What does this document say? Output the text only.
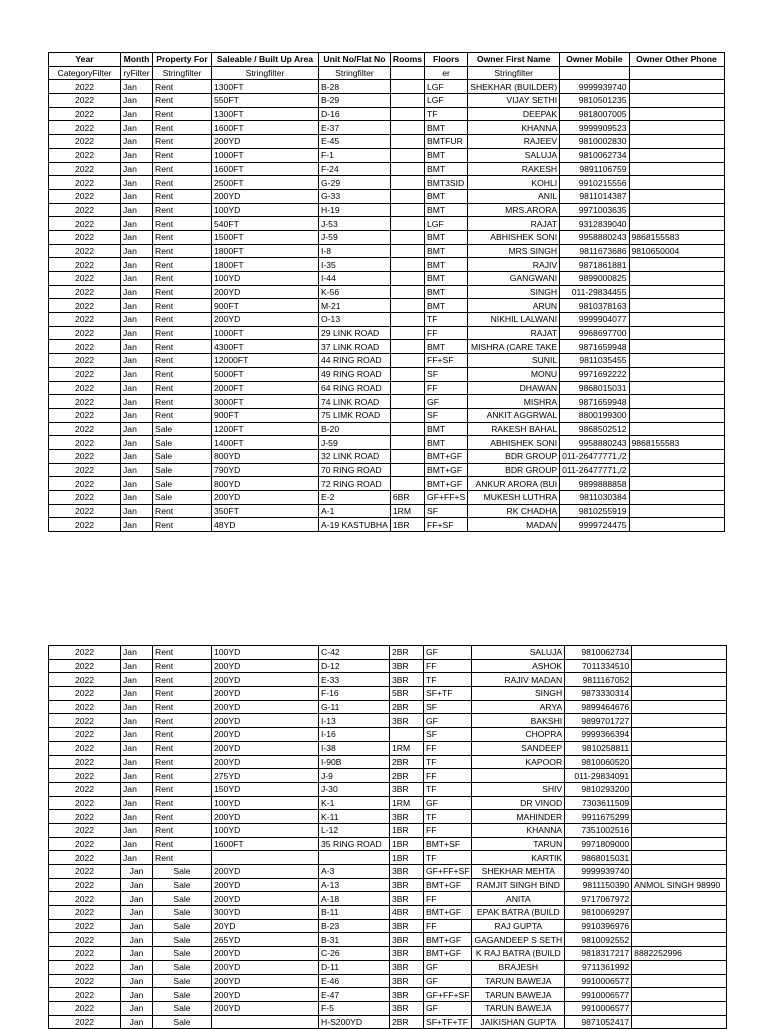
Year	Month	Property For	Saleable / Built Up Area	Unit No/Flat No	Rooms	Floors	Owner First Name	Owner Mobile	Owner Other Phone
CategoryFilter	ryFilter	Stringfilter	Stringfilter	Stringfilter		er	Stringfilter		
2022	Jan	Rent	1300FT	B-28		LGF	SHEKHAR (BUILDER)	9999939740	
2022	Jan	Rent	550FT	B-29		LGF	VIJAY SETHI	9810501235	
2022	Jan	Rent	1300FT	D-16		TF	DEEPAK	9818007005	
2022	Jan	Rent	1600FT	E-37		BMT	KHANNA	9999909523	
2022	Jan	Rent	200YD	E-45		BMTFUR	RAJEEV	9810002830	
2022	Jan	Rent	1000FT	F-1		BMT	SALUJA	9810062734	
2022	Jan	Rent	1600FT	F-24		BMT	RAKESH	9891106759	
2022	Jan	Rent	2500FT	G-29		BMT3SID	KOHLI	9910215556	
2022	Jan	Rent	200YD	G-33		BMT	ANIL	9811014387	
2022	Jan	Rent	100YD	H-19		BMT	MRS.ARORA	9971003635	
2022	Jan	Rent	540FT	J-53		LGF	RAJAT	9312839040	
2022	Jan	Rent	1500FT	J-59		BMT	ABHISHEK SONI	9958880243	9868155583
2022	Jan	Rent	1800FT	I-8		BMT	MRS SINGH	9811673686	9810650004
2022	Jan	Rent	1800FT	I-35		BMT	RAJIV	9871861881	
2022	Jan	Rent	100YD	I-44		BMT	GANGWANI	9899000825	
2022	Jan	Rent	200YD	K-56		BMT	SINGH	011-29834455	
2022	Jan	Rent	900FT	M-21		BMT	ARUN	9810378163	
2022	Jan	Rent	200YD	O-13		TF	NIKHIL LALWANI	9999904077	
2022	Jan	Rent	1000FT	29 LINK ROAD		FF	RAJAT	9968697700	
2022	Jan	Rent	4300FT	37 LINK ROAD		BMT	MISHRA (CARE TAKE	9871659948	
2022	Jan	Rent	12000FT	44 RING ROAD		FF+SF	SUNIL	9811035455	
2022	Jan	Rent	5000FT	49 RING ROAD		SF	MONU	9971692222	
2022	Jan	Rent	2000FT	64 RING ROAD		FF	DHAWAN	9868015031	
2022	Jan	Rent	3000FT	74 LINK ROAD		GF	MISHRA	9871659948	
2022	Jan	Rent	900FT	75 LIMK ROAD		SF	ANKIT AGGRWAL	8800199300	
2022	Jan	Sale	1200FT	B-20		BMT	RAKESH BAHAL	9868502512	
2022	Jan	Sale	1400FT	J-59		BMT	ABHISHEK SONI	9958880243	9868155583
2022	Jan	Sale	800YD	32 LINK ROAD		BMT+GF	BDR GROUP	011-26477771,/2	
2022	Jan	Sale	790YD	70 RING ROAD		BMT+GF	BDR GROUP	011-26477771,/2	
2022	Jan	Sale	800YD	72 RING ROAD		BMT+GF	ANKUR ARORA (BUI	9899888858	
2022	Jan	Sale	200YD	E-2	6BR	GF+FF+S	MUKESH LUTHRA	9811030384	
2022	Jan	Rent	350FT	A-1	1RM	SF	RK CHADHA	9810255919	
2022	Jan	Rent	48YD	A-19 KASTUBHA	1BR	FF+SF	MADAN	9999724475	
2022	Jan	Rent	100YD	C-42	2BR	GF	SALUJA	9810062734	
2022	Jan	Rent	200YD	D-12	3BR	FF	ASHOK	7011334510	
2022	Jan	Rent	200YD	E-33	3BR	TF	RAJIV MADAN	9811167052	
2022	Jan	Rent	200YD	F-16	5BR	SF+TF	SINGH	9873330314	
2022	Jan	Rent	200YD	G-11	2BR	SF	ARYA	9899464676	
2022	Jan	Rent	200YD	I-13	3BR	GF	BAKSHI	9899701727	
2022	Jan	Rent	200YD	I-16		SF	CHOPRA	9999366394	
2022	Jan	Rent	200YD	I-38	1RM	FF	SANDEEP	9810258811	
2022	Jan	Rent	200YD	I-90B	2BR	TF	KAPOOR	9810060520	
2022	Jan	Rent	275YD	J-9	2BR	FF		011-29834091	
2022	Jan	Rent	150YD	J-30	3BR	TF	SHIV	9810293200	
2022	Jan	Rent	100YD	K-1	1RM	GF	DR VINOD	7303611509	
2022	Jan	Rent	200YD	K-11	3BR	TF	MAHINDER	9911675299	
2022	Jan	Rent	100YD	L-12	1BR	FF	KHANNA	7351002516	
2022	Jan	Rent	1600FT	35 RING ROAD	1BR	BMT+SF	TARUN	9971809000	
2022	Jan	Rent			1BR	TF	KARTIK	9868015031	
2022	Jan	Sale	200YD	A-3	3BR	GF+FF+SF	SHEKHAR MEHTA	9999939740	
2022	Jan	Sale	200YD	A-13	3BR	BMT+GF	RAMJIT SINGH BIND	9811150390	ANMOL SINGH 98990
2022	Jan	Sale	200YD	A-18	3BR	FF	ANITA	9717067972	
2022	Jan	Sale	300YD	B-11	4BR	BMT+GF	EPAK BATRA (BUILD	9810069297	
2022	Jan	Sale	20YD	B-23	3BR	FF	RAJ GUPTA	9910396976	
2022	Jan	Sale	265YD	B-31	3BR	BMT+GF	GAGANDEEP S SETH	9810092552	
2022	Jan	Sale	200YD	C-26	3BR	BMT+GF	K RAJ BATRA (BUILD	9818317217	8882252996
2022	Jan	Sale	200YD	D-11	3BR	GF	BRAJESH	9711361992	
2022	Jan	Sale	200YD	E-46	3BR	GF	TARUN BAWEJA	9910006577	
2022	Jan	Sale	200YD	E-47	3BR	GF+FF+SF	TARUN BAWEJA	9910006577	
2022	Jan	Sale	200YD	F-5	3BR	GF	TARUN BAWEJA	9910006577	
2022	Jan	Sale		H-S200YD	2BR	SF+TF+TF	JAIKISHAN GUPTA	9871052417	
